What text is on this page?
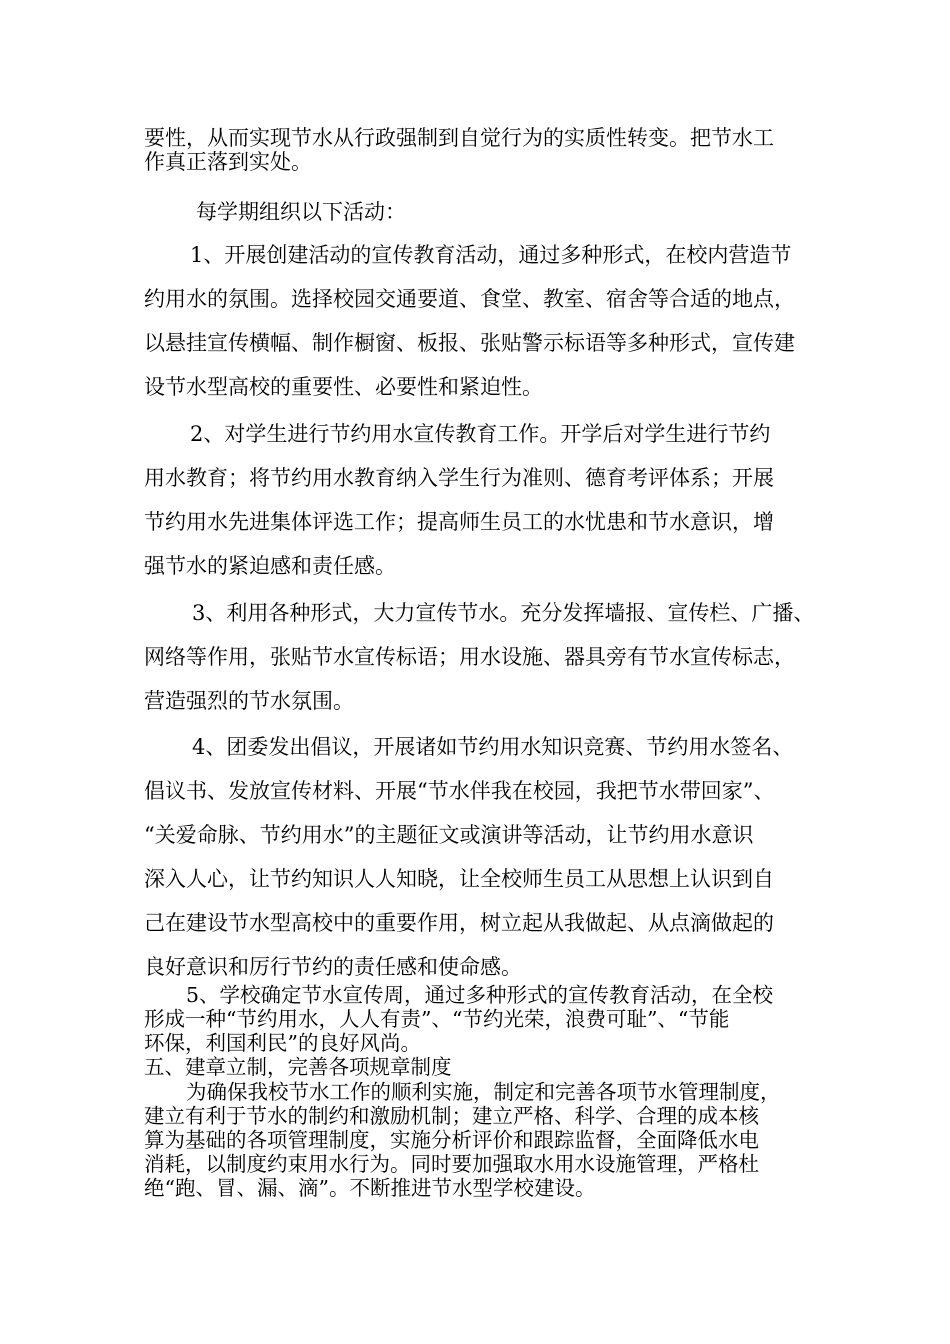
要性，从而实现节水从行政强制到自觉行为的实质性转变。把节水工
作真正落到实处。
每学期组织以下活动：
1、开展创建活动的宣传教育活动，通过多种形式，在校内营造节
约用水的氛围。选择校园交通要道、食堂、教室、宿舍等合适的地点，
以悬挂宣传横幅、制作橱窗、板报、张贴警示标语等多种形式，宣传建
设节水型高校的重要性、必要性和紧迫性。
2、对学生进行节约用水宣传教育工作。开学后对学生进行节约
用水教育；将节约用水教育纳入学生行为准则、德育考评体系；开展
节约用水先进集体评选工作；提高师生员工的水忧患和节水意识，增
强节水的紧迫感和责任感。
3、利用各种形式，大力宣传节水。充分发挥墙报、宣传栏、广播、
网络等作用，张贴节水宣传标语；用水设施、器具旁有节水宣传标志，
营造强烈的节水氛围。
4、团委发出倡议，开展诸如节约用水知识竞赛、节约用水签名、
倡议书、发放宣传材料、开展“节水伴我在校园，我把节水带回家”、
“关爱命脉、节约用水”的主题征文或演讲等活动，让节约用水意识
深入人心，让节约知识人人知晓，让全校师生员工从思想上认识到自
己在建设节水型高校中的重要作用，树立起从我做起、从点滴做起的
良好意识和厉行节约的责任感和使命感。
5、学校确定节水宣传周，通过多种形式的宣传教育活动，在全校
形成一种“节约用水，人人有责”、“节约光荣，浪费可耻”、“节能
环保，利国利民”的良好风尚。
五、建章立制，完善各项规章制度
为确保我校节水工作的顺利实施，制定和完善各项节水管理制度，
建立有利于节水的制约和激励机制；建立严格、科学、合理的成本核
算为基础的各项管理制度，实施分析评价和跟踪监督，全面降低水电
消耗，以制度约束用水行为。同时要加强取水用水设施管理，严格杜
绝“跑、冒、漏、滴”。不断推进节水型学校建设。
